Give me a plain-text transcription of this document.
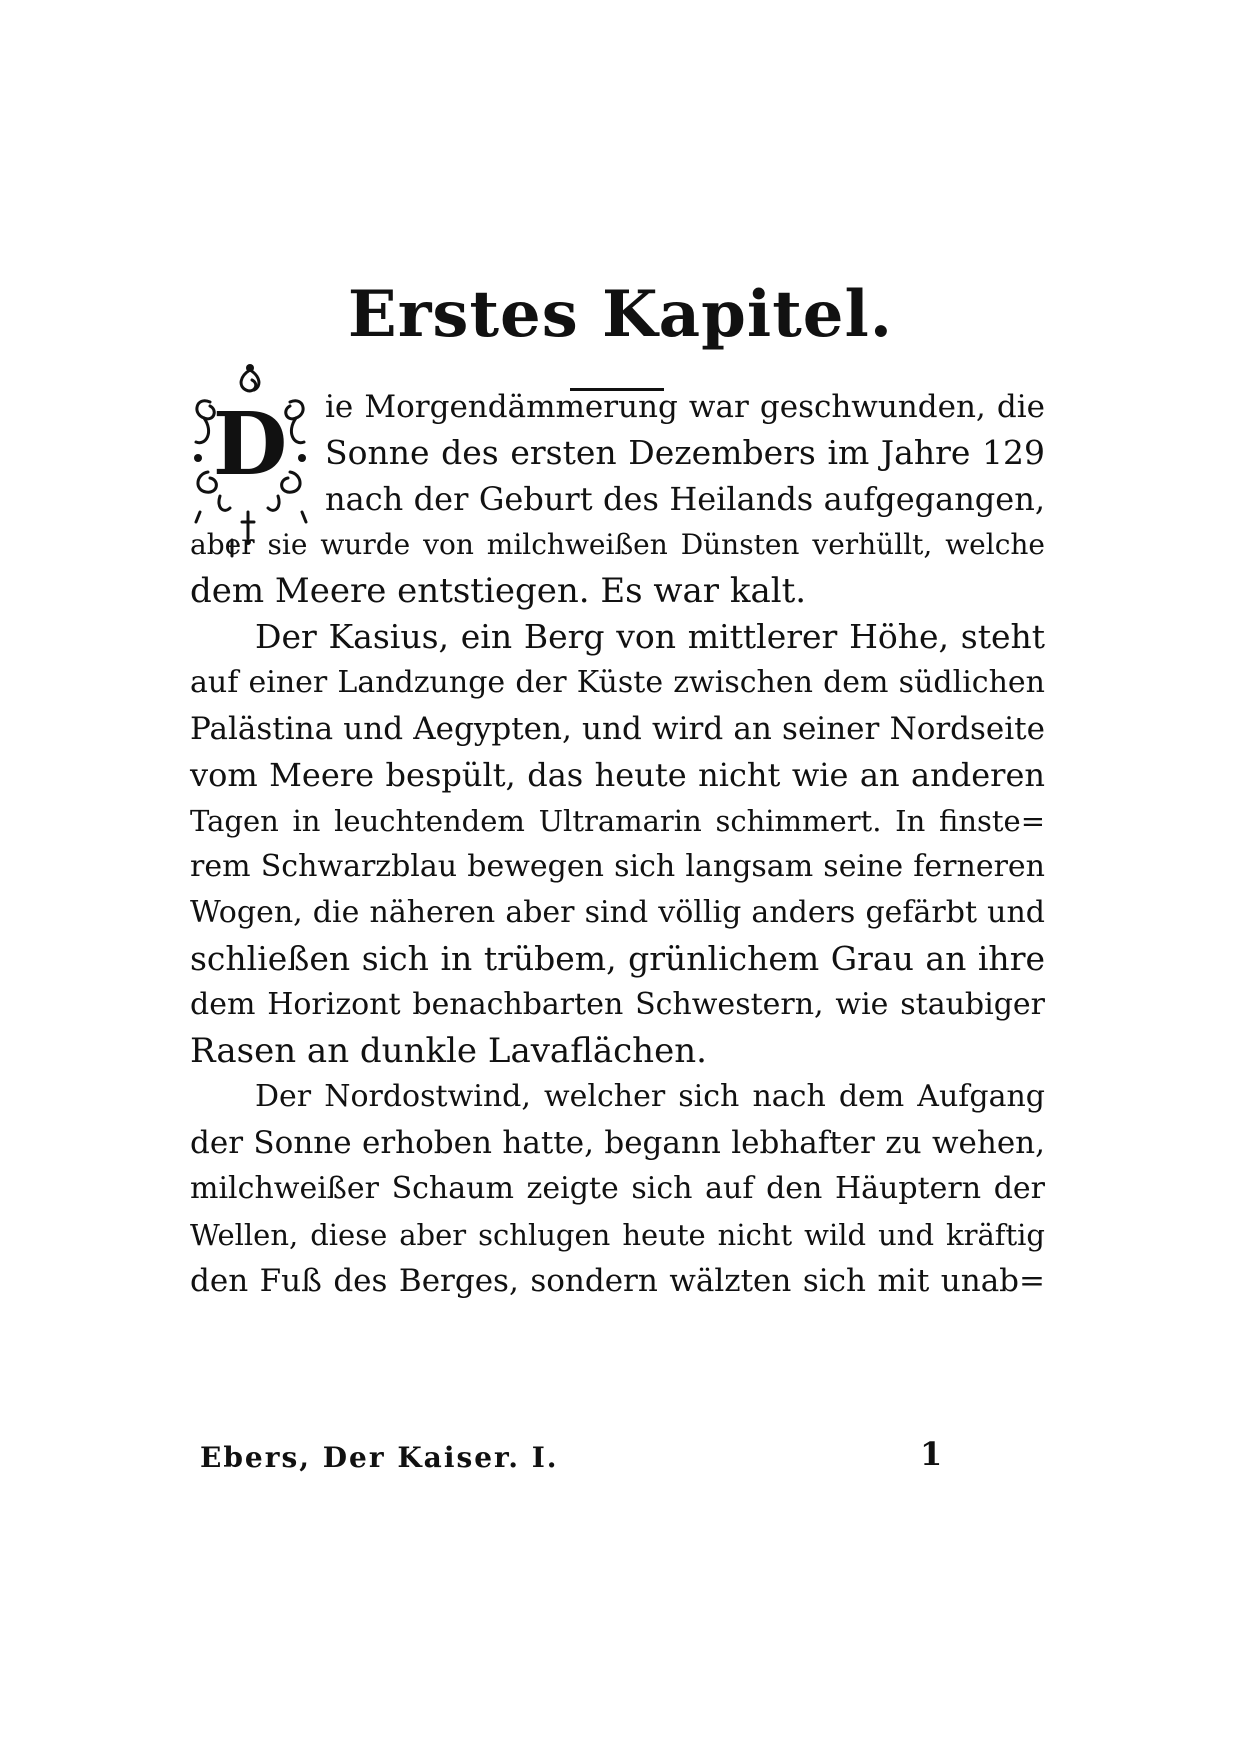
Erstes Kapitel.
D ie Morgendämmerung war geschwunden, die
Sonne des ersten Dezembers im Jahre 129
nach der Geburt des Heilands aufgegangen,
aber sie wurde von milchweißen Dünsten verhüllt, welche
dem Meere entstiegen. Es war kalt.
Der Kasius, ein Berg von mittlerer Höhe, steht
auf einer Landzunge der Küste zwischen dem südlichen
Palästina und Aegypten, und wird an seiner Nordseite
vom Meere bespült, das heute nicht wie an anderen
Tagen in leuchtendem Ultramarin schimmert. In finste=
rem Schwarzblau bewegen sich langsam seine ferneren
Wogen, die näheren aber sind völlig anders gefärbt und
schließen sich in trübem, grünlichem Grau an ihre
dem Horizont benachbarten Schwestern, wie staubiger
Rasen an dunkle Lavaflächen.
Der Nordostwind, welcher sich nach dem Aufgang
der Sonne erhoben hatte, begann lebhafter zu wehen,
milchweißer Schaum zeigte sich auf den Häuptern der
Wellen, diese aber schlugen heute nicht wild und kräftig
den Fuß des Berges, sondern wälzten sich mit unab=
Ebers, Der Kaiser. I.	1
